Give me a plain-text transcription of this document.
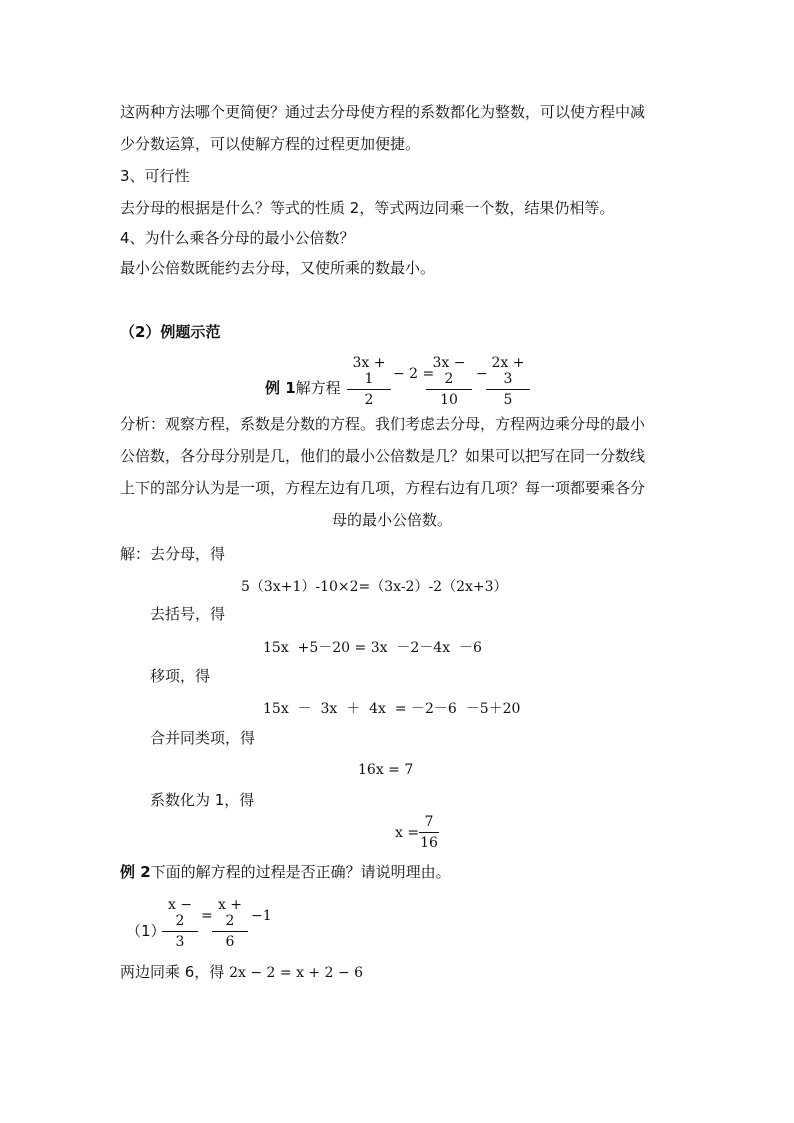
这两种方法哪个更简便？通过去分母使方程的系数都化为整数，可以使方程中减
少分数运算，可以使解方程的过程更加便捷。
3、可行性
去分母的根据是什么？等式的性质 2，等式两边同乘一个数，结果仍相等。
4、为什么乘各分母的最小公倍数？
最小公倍数既能约去分母，又使所乘的数最小。
（2）例题示范
例 1解方程
3x + 1
2
− 2 =
3x − 2
10
−
2x + 3
5
分析：观察方程，系数是分数的方程。我们考虑去分母，方程两边乘分母的最小
公倍数，各分母分别是几，他们的最小公倍数是几？如果可以把写在同一分数线
上下的部分认为是一项，方程左边有几项，方程右边有几项？每一项都要乘各分
母的最小公倍数。
解：去分母，得
5（3x+1）-10×2=（3x-2）-2（2x+3）
去括号，得
15x  +5－20 = 3x  －2－4x  －6
移项，得
15x  －  3x  ＋  4x  = －2－6  －5＋20
合并同类项，得
16x = 7
系数化为 1，得
x =
7
16
例 2下面的解方程的过程是否正确？请说明理由。
（1）
x − 2
3
=
x + 2
6
−1
两边同乘 6，得 2x − 2 = x + 2 − 6
